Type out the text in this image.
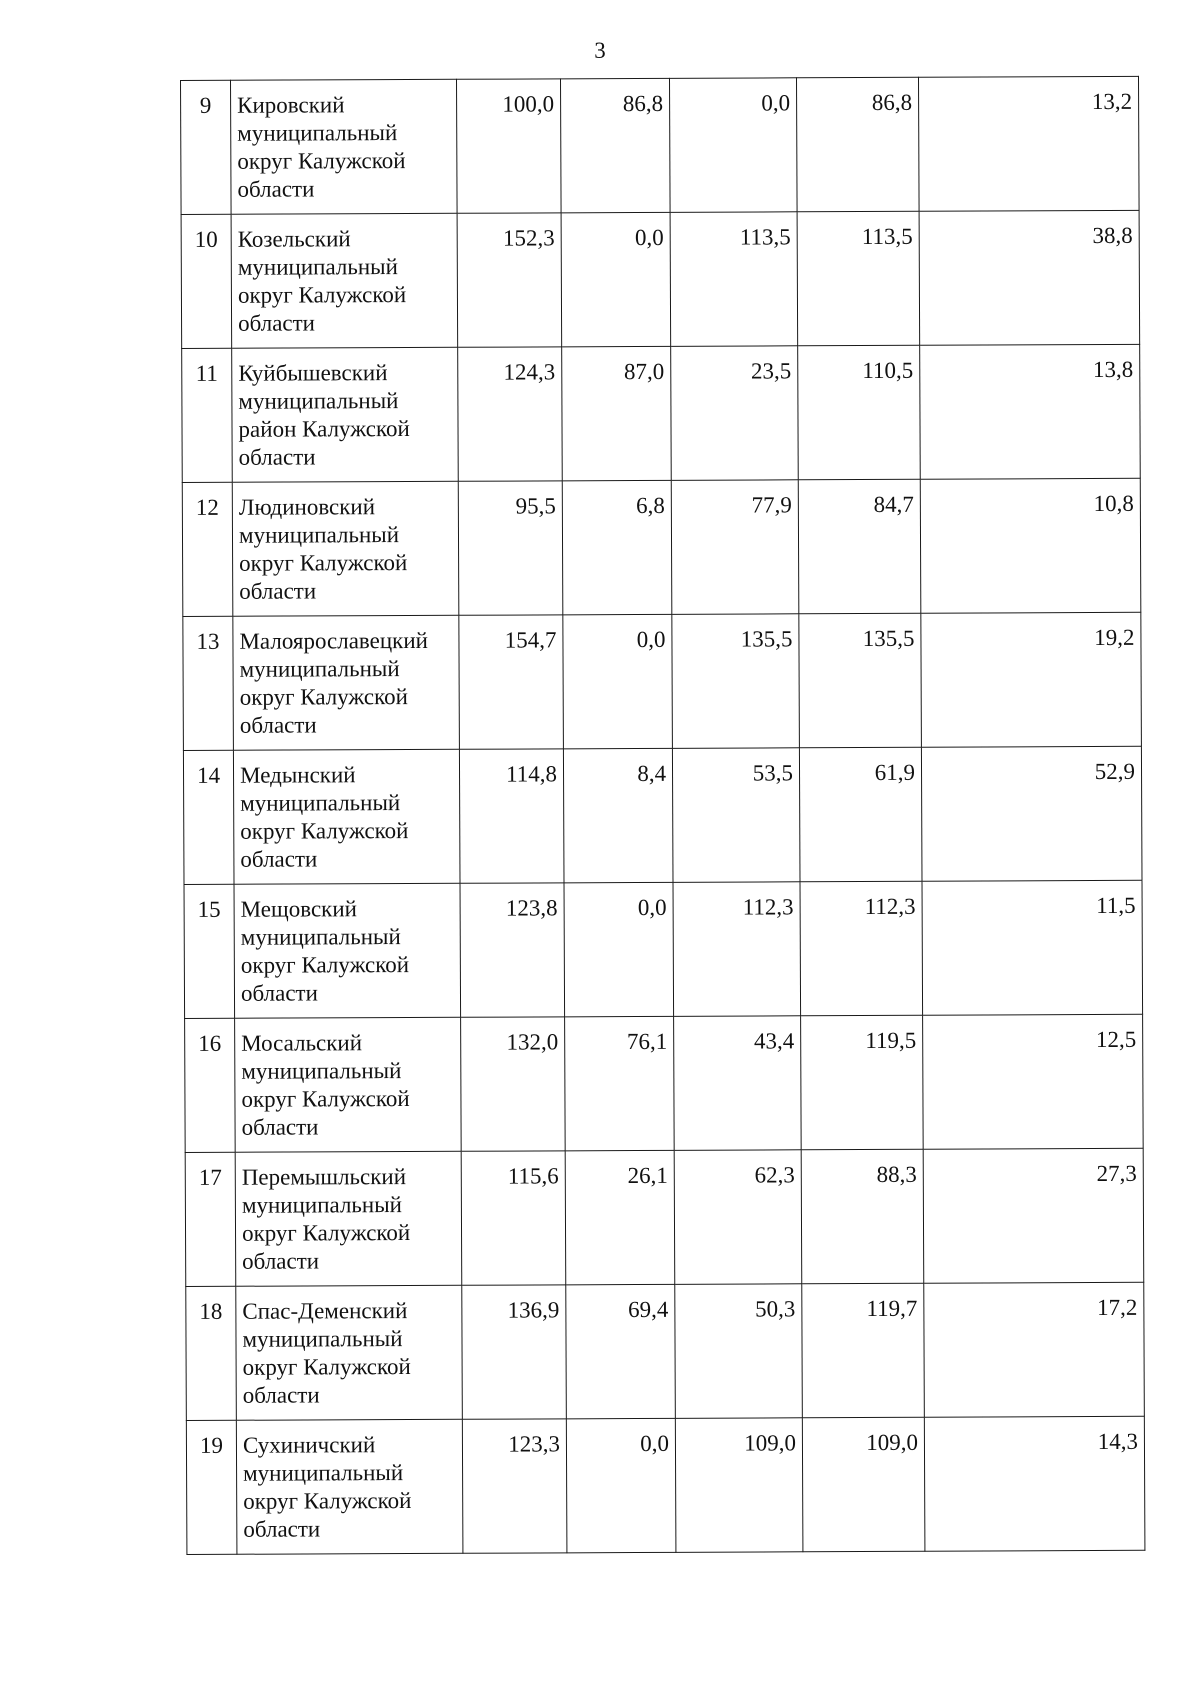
3
9	Кировский
муниципальный
округ Калужской
области	100,0	86,8	0,0	86,8	13,2
10	Козельский
муниципальный
округ Калужской
области	152,3	0,0	113,5	113,5	38,8
11	Куйбышевский
муниципальный
район Калужской
области	124,3	87,0	23,5	110,5	13,8
12	Людиновский
муниципальный
округ Калужской
области	95,5	6,8	77,9	84,7	10,8
13	Малоярославецкий
муниципальный
округ Калужской
области	154,7	0,0	135,5	135,5	19,2
14	Медынский
муниципальный
округ Калужской
области	114,8	8,4	53,5	61,9	52,9
15	Мещовский
муниципальный
округ Калужской
области	123,8	0,0	112,3	112,3	11,5
16	Мосальский
муниципальный
округ Калужской
области	132,0	76,1	43,4	119,5	12,5
17	Перемышльский
муниципальный
округ Калужской
области	115,6	26,1	62,3	88,3	27,3
18	Спас-Деменский
муниципальный
округ Калужской
области	136,9	69,4	50,3	119,7	17,2
19	Сухиничский
муниципальный
округ Калужской
области	123,3	0,0	109,0	109,0	14,3
